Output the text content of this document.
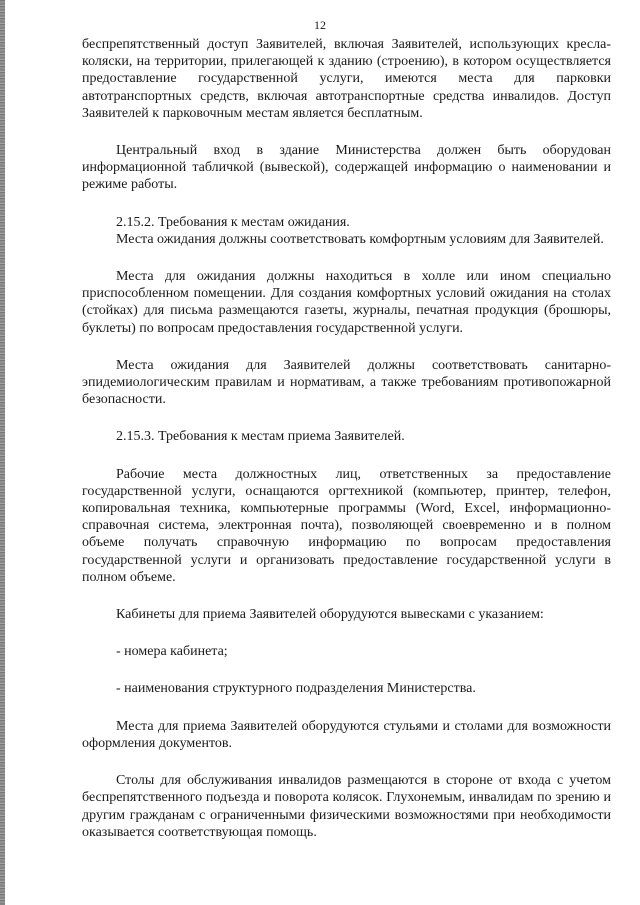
12

беспрепятственный доступ Заявителей, включая Заявителей, использующих кресла-коляски, на территории, прилегающей к зданию (строению), в котором осуществляется предоставление государственной услуги, имеются места для парковки автотранспортных средств, включая автотранспортные средства инвалидов. Доступ Заявителей к парковочным местам является бесплатным.

Центральный вход в здание Министерства должен быть оборудован информационной табличкой (вывеской), содержащей информацию о наименовании и режиме работы.

2.15.2. Требования к местам ожидания.

Места ожидания должны соответствовать комфортным условиям для Заявителей.

Места для ожидания должны находиться в холле или ином специально приспособленном помещении. Для создания комфортных условий ожидания на столах (стойках) для письма размещаются газеты, журналы, печатная продукция (брошюры, буклеты) по вопросам предоставления государственной услуги.

Места ожидания для Заявителей должны соответствовать санитарно-эпидемиологическим правилам и нормативам, а также требованиям противопожарной безопасности.

2.15.3. Требования к местам приема Заявителей.

Рабочие места должностных лиц, ответственных за предоставление государственной услуги, оснащаются оргтехникой (компьютер, принтер, телефон, копировальная техника, компьютерные программы (Word, Excel, информационно-справочная система, электронная почта), позволяющей своевременно и в полном объеме получать справочную информацию по вопросам предоставления государственной услуги и организовать предоставление государственной услуги в полном объеме.

Кабинеты для приема Заявителей оборудуются вывесками с указанием:

- номера кабинета;

- наименования структурного подразделения Министерства.

Места для приема Заявителей оборудуются стульями и столами для возможности оформления документов.

Столы для обслуживания инвалидов размещаются в стороне от входа с учетом беспрепятственного подъезда и поворота колясок. Глухонемым, инвалидам по зрению и другим гражданам с ограниченными физическими возможностями при необходимости оказывается соответствующая помощь.
